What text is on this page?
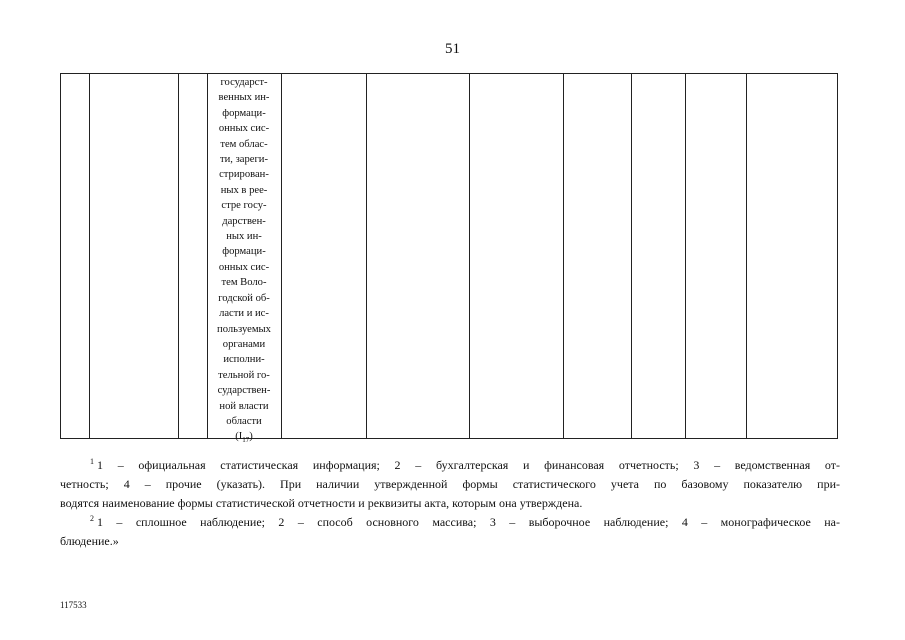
51
государст-
венных ин-
формаци-
онных сис-
тем облас-
ти, зареги-
стрирован-
ных в рее-
стре госу-
дарствен-
ных ин-
формаци-
онных сис-
тем Воло-
годской об-
ласти и ис-
пользуемых
органами
исполни-
тельной го-
сударствен-
ной власти
области
$(I_{17})$
$^1$ 1 – официальная статистическая информация; 2 – бухгалтерская и финансовая отчетность; 3 – ведомственная от-
четность; 4 – прочие (указать). При наличии утвержденной формы статистического учета по базовому показателю при-
водятся наименование формы статистической отчетности и реквизиты акта, которым она утверждена.
$^2$ 1 – сплошное наблюдение; 2 – способ основного массива; 3 – выборочное наблюдение; 4 – монографическое на-
блюдение.»
117533
